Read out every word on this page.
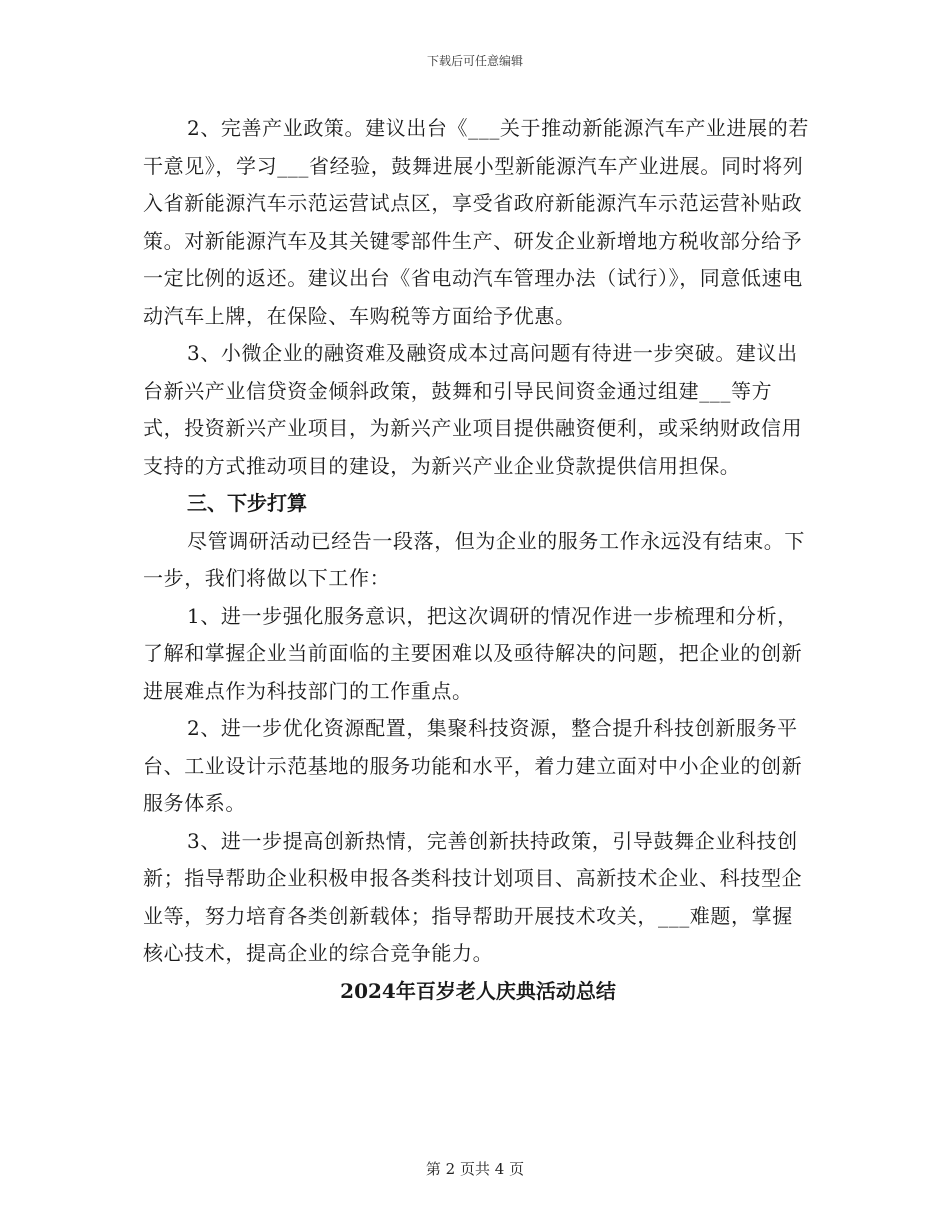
下载后可任意编辑

2、完善产业政策。建议出台《___关于推动新能源汽车产业进展的若干意见》，学习___省经验，鼓舞进展小型新能源汽车产业进展。同时将列入省新能源汽车示范运营试点区，享受省政府新能源汽车示范运营补贴政策。对新能源汽车及其关键零部件生产、研发企业新增地方税收部分给予一定比例的返还。建议出台《省电动汽车管理办法（试行）》，同意低速电动汽车上牌，在保险、车购税等方面给予优惠。

3、小微企业的融资难及融资成本过高问题有待进一步突破。建议出台新兴产业信贷资金倾斜政策，鼓舞和引导民间资金通过组建___等方式，投资新兴产业项目，为新兴产业项目提供融资便利，或采纳财政信用支持的方式推动项目的建设，为新兴产业企业贷款提供信用担保。

三、下步打算

尽管调研活动已经告一段落，但为企业的服务工作永远没有结束。下一步，我们将做以下工作：

1、进一步强化服务意识，把这次调研的情况作进一步梳理和分析，了解和掌握企业当前面临的主要困难以及亟待解决的问题，把企业的创新进展难点作为科技部门的工作重点。

2、进一步优化资源配置，集聚科技资源，整合提升科技创新服务平台、工业设计示范基地的服务功能和水平，着力建立面对中小企业的创新服务体系。

3、进一步提高创新热情，完善创新扶持政策，引导鼓舞企业科技创新；指导帮助企业积极申报各类科技计划项目、高新技术企业、科技型企业等，努力培育各类创新载体；指导帮助开展技术攻关，___难题，掌握核心技术，提高企业的综合竞争能力。

2024年百岁老人庆典活动总结

第 2 页共 4 页
